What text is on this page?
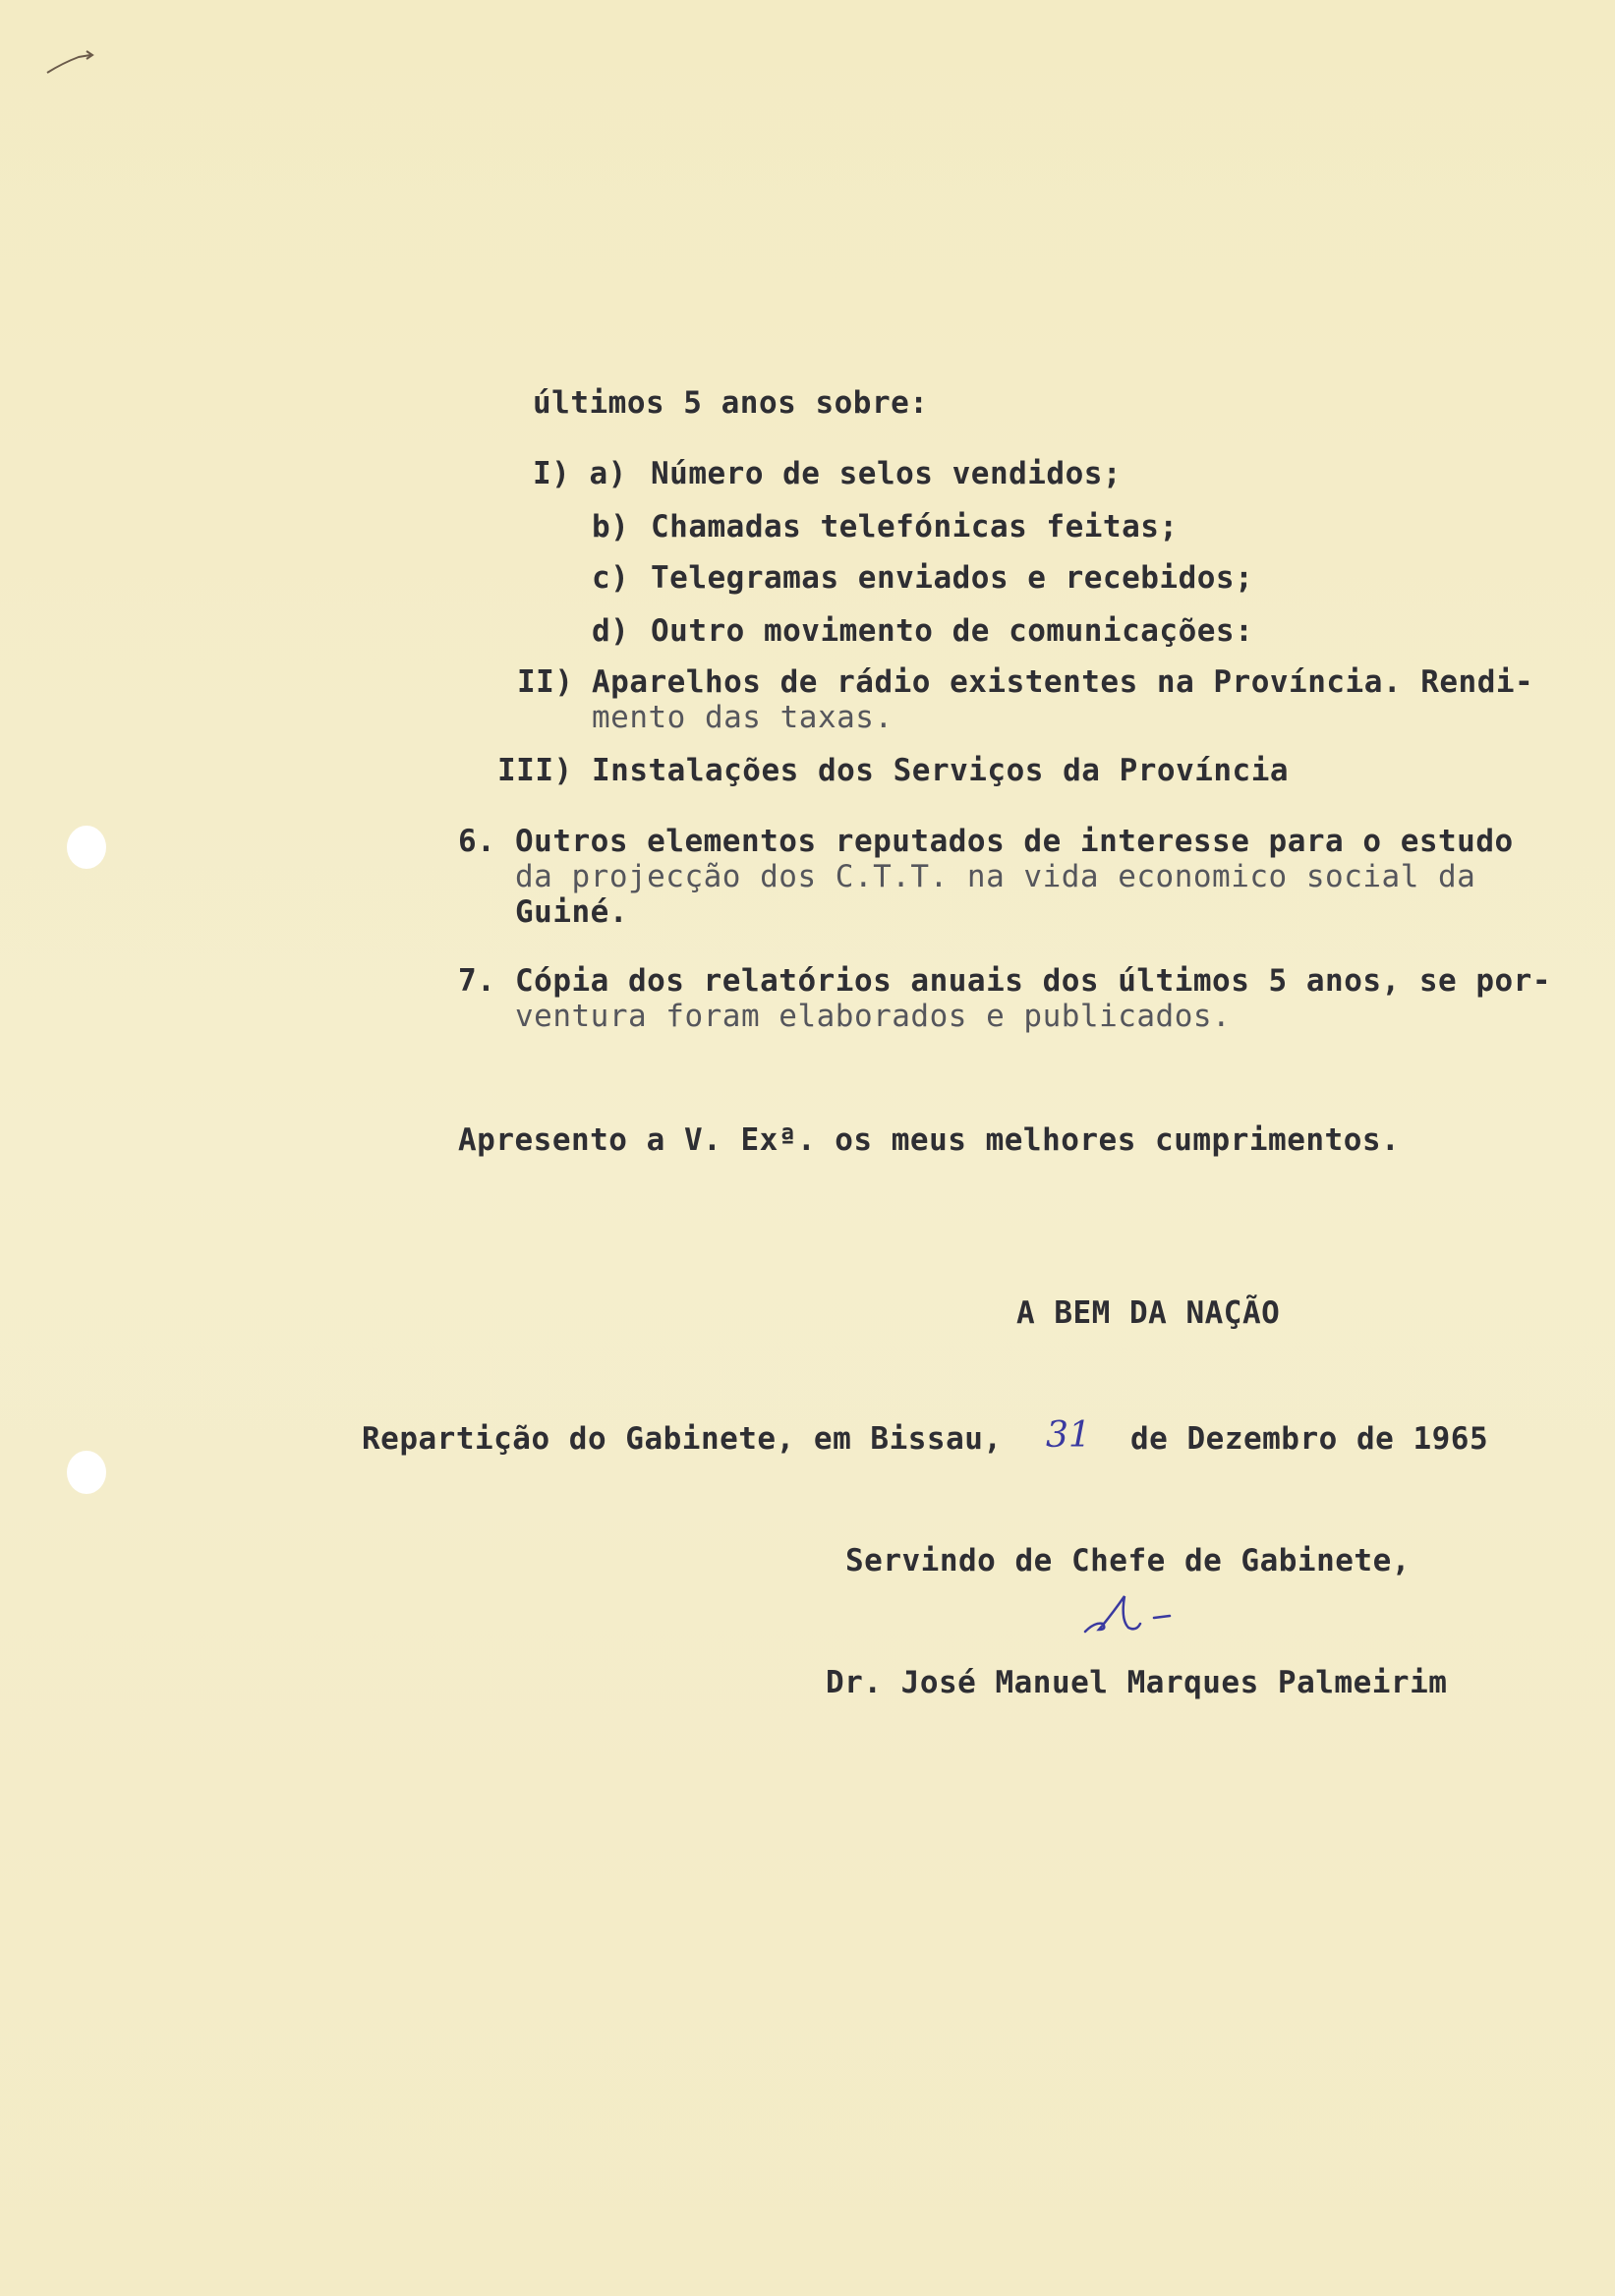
últimos 5 anos sobre:
I) a) Número de selos vendidos;
b) Chamadas telefónicas feitas;
c) Telegramas enviados e recebidos;
d) Outro movimento de comunicações:
II) Aparelhos de rádio existentes na Província. Rendi-
mento das taxas.
III) Instalações dos Serviços da Província
6. Outros elementos reputados de interesse para o estudo
da projecção dos C.T.T. na vida economico social da
Guiné.
7. Cópia dos relatórios anuais dos últimos 5 anos, se por-
ventura foram elaborados e publicados.
Apresento a V. Exª. os meus melhores cumprimentos.
A BEM DA NAÇÃO
Repartição do Gabinete, em Bissau, 31 de Dezembro de 1965
Servindo de Chefe de Gabinete,
Dr. José Manuel Marques Palmeirim
